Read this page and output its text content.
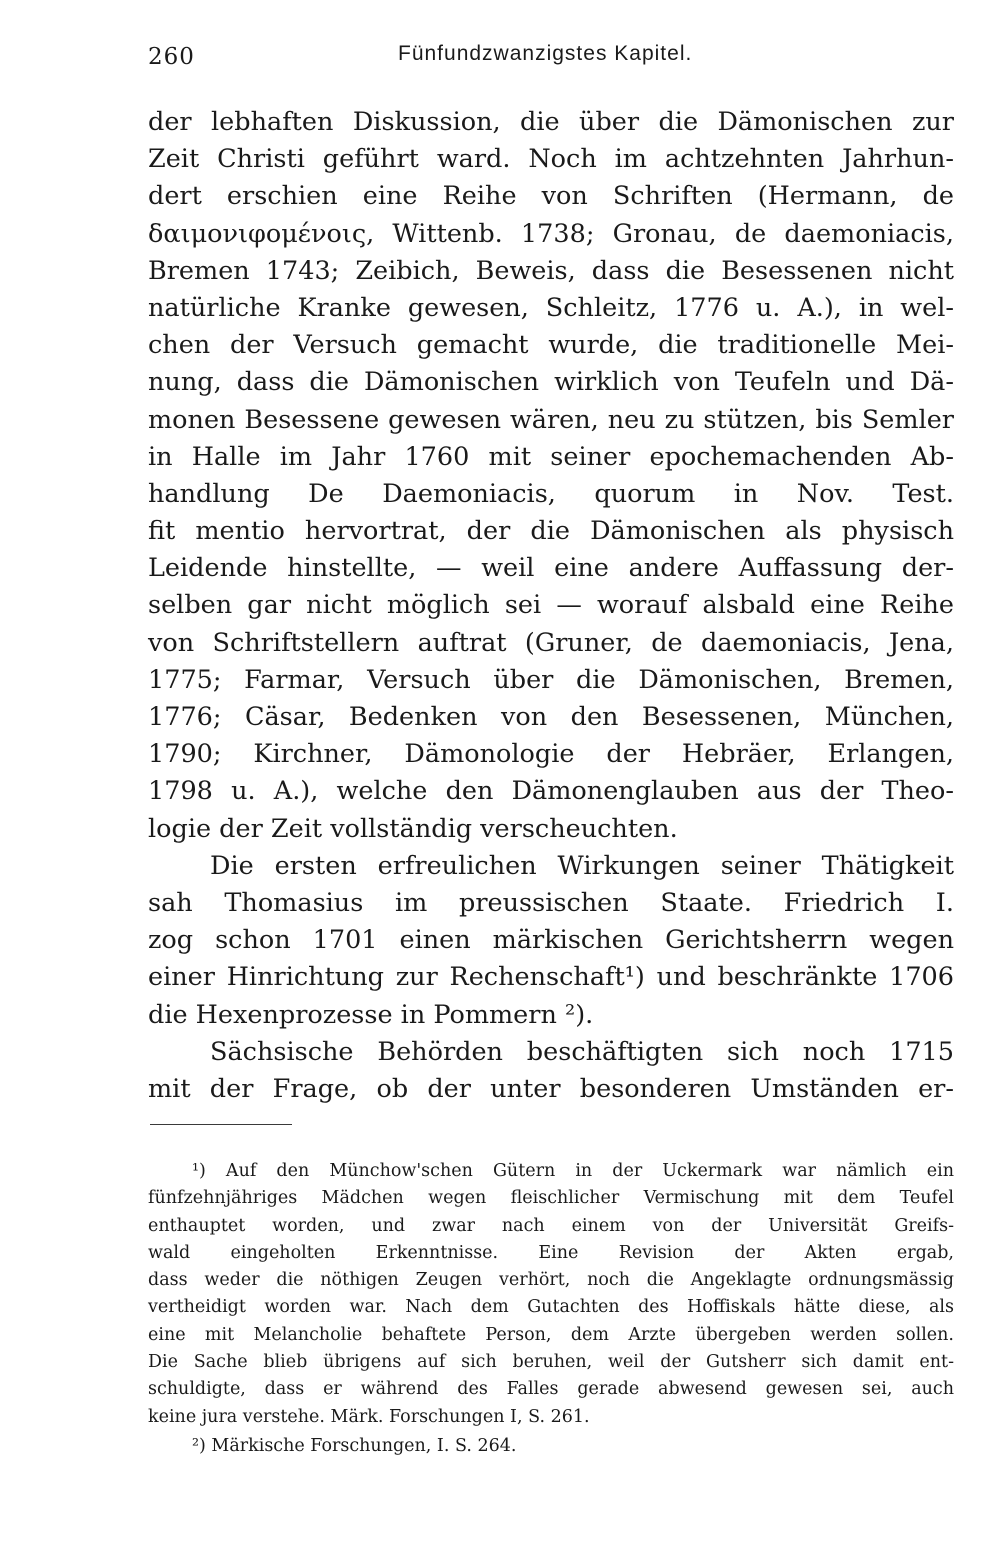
260	Fünfundzwanzigstes Kapitel.
der lebhaften Diskussion, die über die Dämonischen zur
Zeit Christi geführt ward. Noch im achtzehnten Jahrhun-
dert erschien eine Reihe von Schriften (Hermann, de
δαιμονιφομένοις, Wittenb. 1738; Gronau, de daemoniacis,
Bremen 1743; Zeibich, Beweis, dass die Besessenen nicht
natürliche Kranke gewesen, Schleitz, 1776 u. A.), in wel-
chen der Versuch gemacht wurde, die traditionelle Mei-
nung, dass die Dämonischen wirklich von Teufeln und Dä-
monen Besessene gewesen wären, neu zu stützen, bis Semler
in Halle im Jahr 1760 mit seiner epochemachenden Ab-
handlung De Daemoniacis, quorum in Nov. Test.
fit mentio hervortrat, der die Dämonischen als physisch
Leidende hinstellte, — weil eine andere Auffassung der-
selben gar nicht möglich sei — worauf alsbald eine Reihe
von Schriftstellern auftrat (Gruner, de daemoniacis, Jena,
1775; Farmar, Versuch über die Dämonischen, Bremen,
1776; Cäsar, Bedenken von den Besessenen, München,
1790; Kirchner, Dämonologie der Hebräer, Erlangen,
1798 u. A.), welche den Dämonenglauben aus der Theo-
logie der Zeit vollständig verscheuchten.
Die ersten erfreulichen Wirkungen seiner Thätigkeit
sah Thomasius im preussischen Staate. Friedrich I.
zog schon 1701 einen märkischen Gerichtsherrn wegen
einer Hinrichtung zur Rechenschaft¹) und beschränkte 1706
die Hexenprozesse in Pommern ²).
Sächsische Behörden beschäftigten sich noch 1715
mit der Frage, ob der unter besonderen Umständen er-
¹) Auf den Münchow'schen Gütern in der Uckermark war nämlich ein
fünfzehnjähriges Mädchen wegen fleischlicher Vermischung mit dem Teufel
enthauptet worden, und zwar nach einem von der Universität Greifs-
wald eingeholten Erkenntnisse. Eine Revision der Akten ergab,
dass weder die nöthigen Zeugen verhört, noch die Angeklagte ordnungsmässig
vertheidigt worden war. Nach dem Gutachten des Hoffiskals hätte diese, als
eine mit Melancholie behaftete Person, dem Arzte übergeben werden sollen.
Die Sache blieb übrigens auf sich beruhen, weil der Gutsherr sich damit ent-
schuldigte, dass er während des Falles gerade abwesend gewesen sei, auch
keine jura verstehe. Märk. Forschungen I, S. 261.
²) Märkische Forschungen, I. S. 264.
